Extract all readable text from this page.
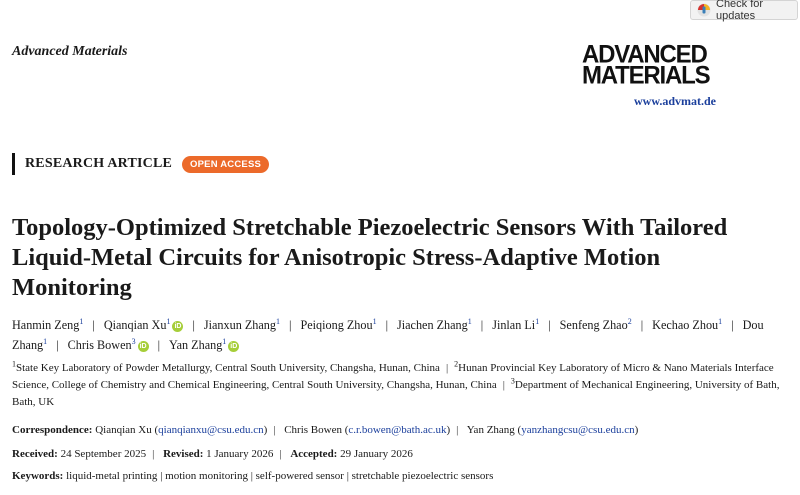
Advanced Materials
Check for updates
ADVANCED
MATERIALS
www.advmat.de
RESEARCH ARTICLE	OPEN ACCESS
Topology-Optimized Stretchable Piezoelectric Sensors With Tailored Liquid-Metal Circuits for Anisotropic Stress-Adaptive Motion Monitoring
Hanmin Zeng$^1$ | Qianqian Xu$^1$iD | Jianxun Zhang$^1$ | Peiqiong Zhou$^1$ | Jiachen Zhang$^1$ | Jinlan Li$^1$ | Senfeng Zhao$^2$ | Kechao Zhou$^1$ | Dou Zhang$^1$ | Chris Bowen$^3$iD | Yan Zhang$^1$iD

$^1$State Key Laboratory of Powder Metallurgy, Central South University, Changsha, Hunan, China | $^2$Hunan Provincial Key Laboratory of Micro & Nano Materials Interface Science, College of Chemistry and Chemical Engineering, Central South University, Changsha, Hunan, China | $^3$Department of Mechanical Engineering, University of Bath, Bath, UK

Correspondence: Qianqian Xu (qianqianxu@csu.edu.cn) | Chris Bowen (c.r.bowen@bath.ac.uk) | Yan Zhang (yanzhangcsu@csu.edu.cn)
Received: 24 September 2025 | Revised: 1 January 2026 | Accepted: 29 January 2026
Keywords: liquid-metal printing | motion monitoring | self-powered sensor | stretchable piezoelectric sensors
